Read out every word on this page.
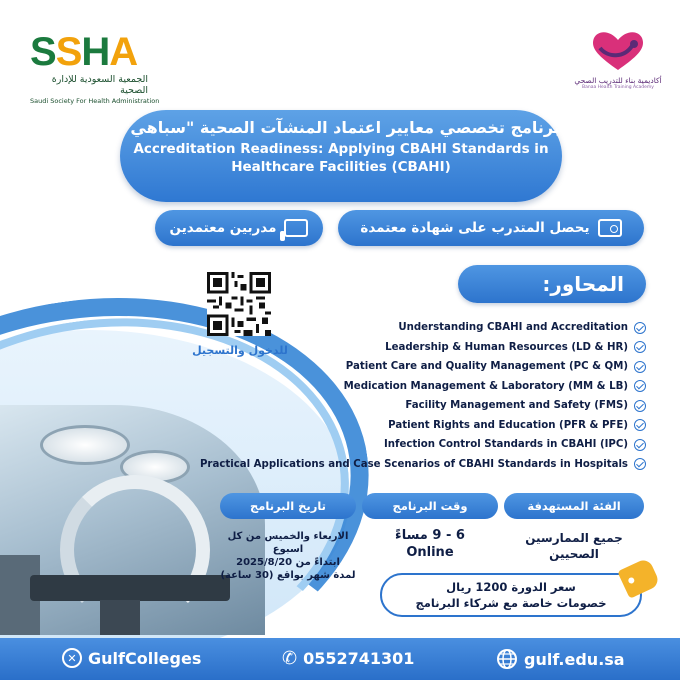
SSHA
الجمعية السعودية للإدارة الصحية
Saudi Society For Health Administration
أكاديمية بناء للتدريب الصحي
Banaa Health Training Academy
برنامج تخصصي معايير اعتماد المنشآت الصحية "سباهي"
Accreditation Readiness: Applying CBAHI Standards in
Healthcare Facilities (CBAHI)
يحصل المتدرب على شهادة معتمدة
مدربين معتمدين
للدخول والتسجيل
المحاور:
Understanding CBAHI and Accreditation
Leadership & Human Resources (LD & HR)
Patient Care and Quality Management (PC & QM)
Medication Management & Laboratory (MM & LB)
Facility Management and Safety (FMS)
Patient Rights and Education (PFR & PFE)
Infection Control Standards in CBAHI (IPC)
Practical Applications and Case Scenarios of CBAHI Standards in Hospitals
الفئة المستهدفة
وقت البرنامج
تاريخ البرنامج
جميع الممارسين
الصحيين
6 - 9 مساءً
Online
الاربعاء والخميس من كل اسبوع
ابتداءً من 2025/8/20
لمدة شهر بواقع (30 ساعة)
سعر الدورة 1200 ريال
خصومات خاصة مع شركاء البرنامج
✕ GulfColleges	✆ 0552741301	gulf.edu.sa
